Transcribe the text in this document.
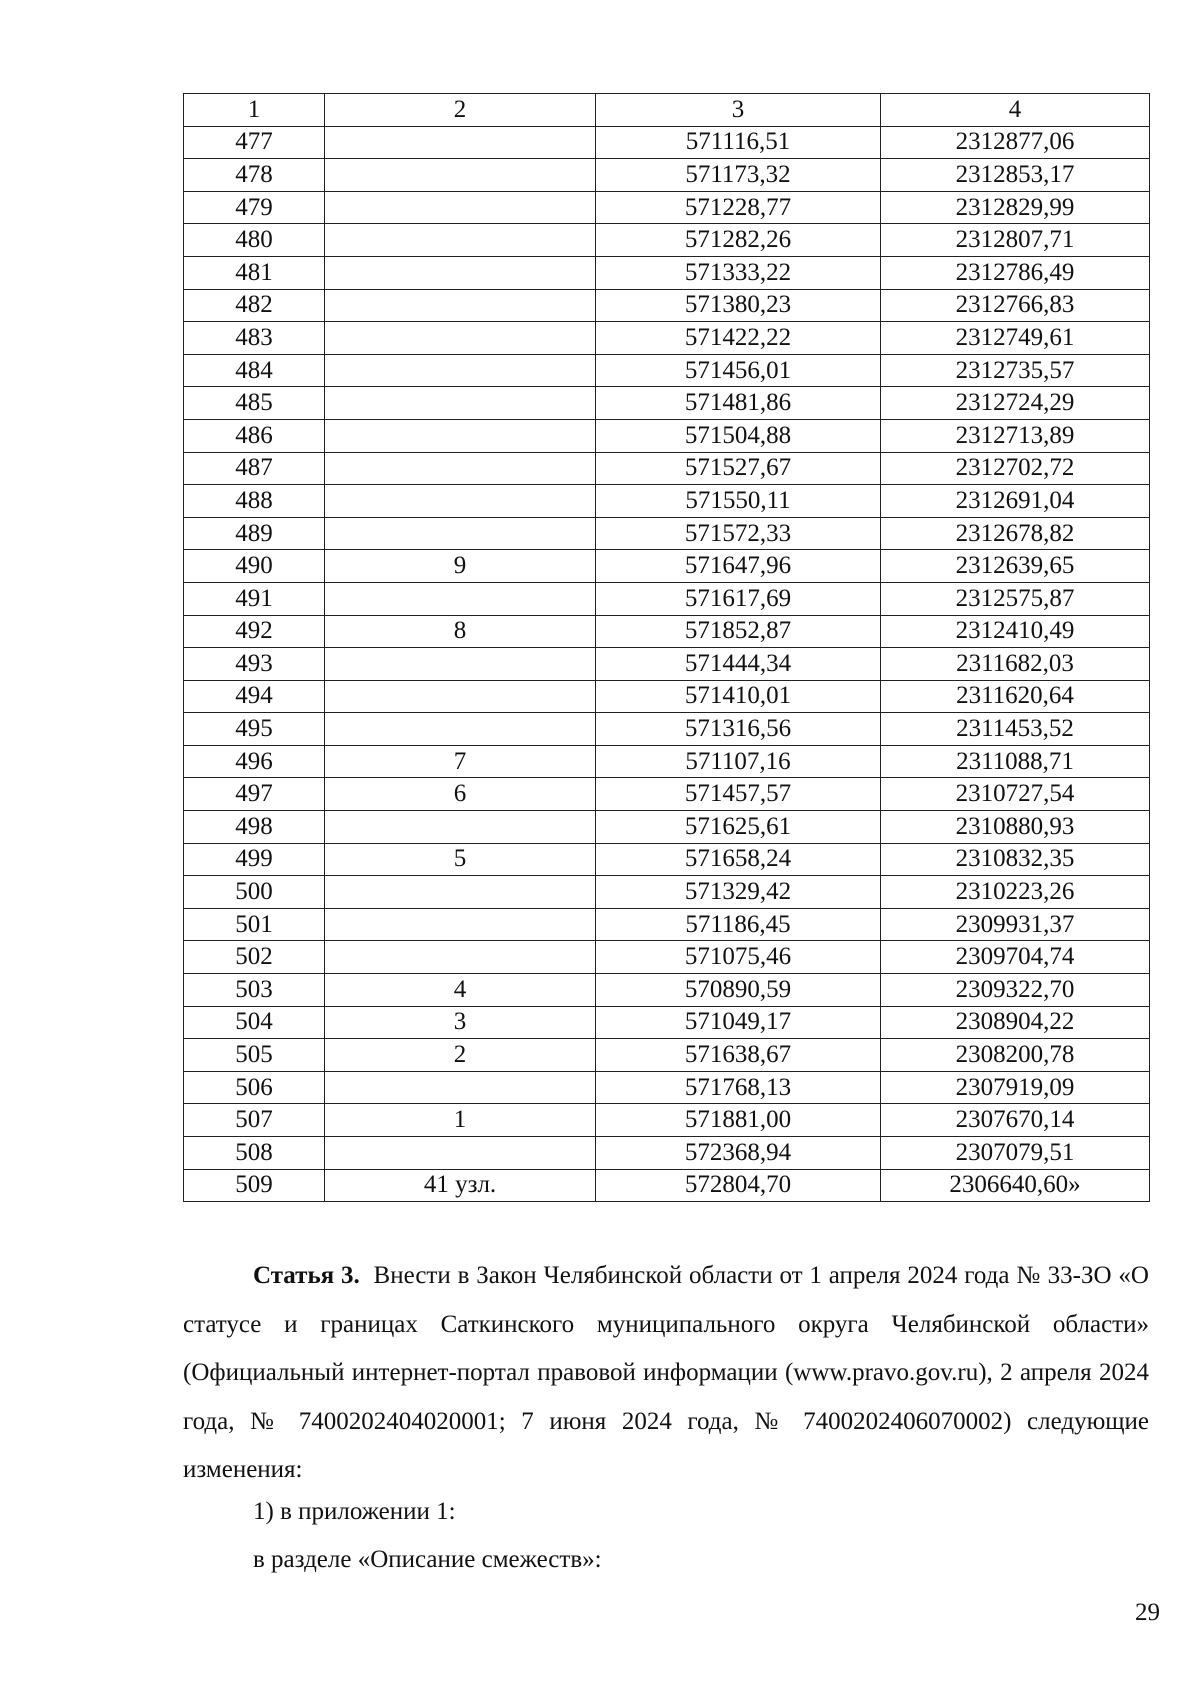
1	2	3	4
477		571116,51	2312877,06
478		571173,32	2312853,17
479		571228,77	2312829,99
480		571282,26	2312807,71
481		571333,22	2312786,49
482		571380,23	2312766,83
483		571422,22	2312749,61
484		571456,01	2312735,57
485		571481,86	2312724,29
486		571504,88	2312713,89
487		571527,67	2312702,72
488		571550,11	2312691,04
489		571572,33	2312678,82
490	9	571647,96	2312639,65
491		571617,69	2312575,87
492	8	571852,87	2312410,49
493		571444,34	2311682,03
494		571410,01	2311620,64
495		571316,56	2311453,52
496	7	571107,16	2311088,71
497	6	571457,57	2310727,54
498		571625,61	2310880,93
499	5	571658,24	2310832,35
500		571329,42	2310223,26
501		571186,45	2309931,37
502		571075,46	2309704,74
503	4	570890,59	2309322,70
504	3	571049,17	2308904,22
505	2	571638,67	2308200,78
506		571768,13	2307919,09
507	1	571881,00	2307670,14
508		572368,94	2307079,51
509	41 узл.	572804,70	2306640,60»

Статья 3. Внести в Закон Челябинской области от 1 апреля 2024 года № 33-ЗО «О статусе и границах Саткинского муниципального округа Челябинской области» (Официальный интернет-портал правовой информации (www.pravo.gov.ru), 2 апреля 2024 года, № 7400202404020001; 7 июня 2024 года, № 7400202406070002) следующие изменения:

1) в приложении 1:

в разделе «Описание смежеств»:

29
